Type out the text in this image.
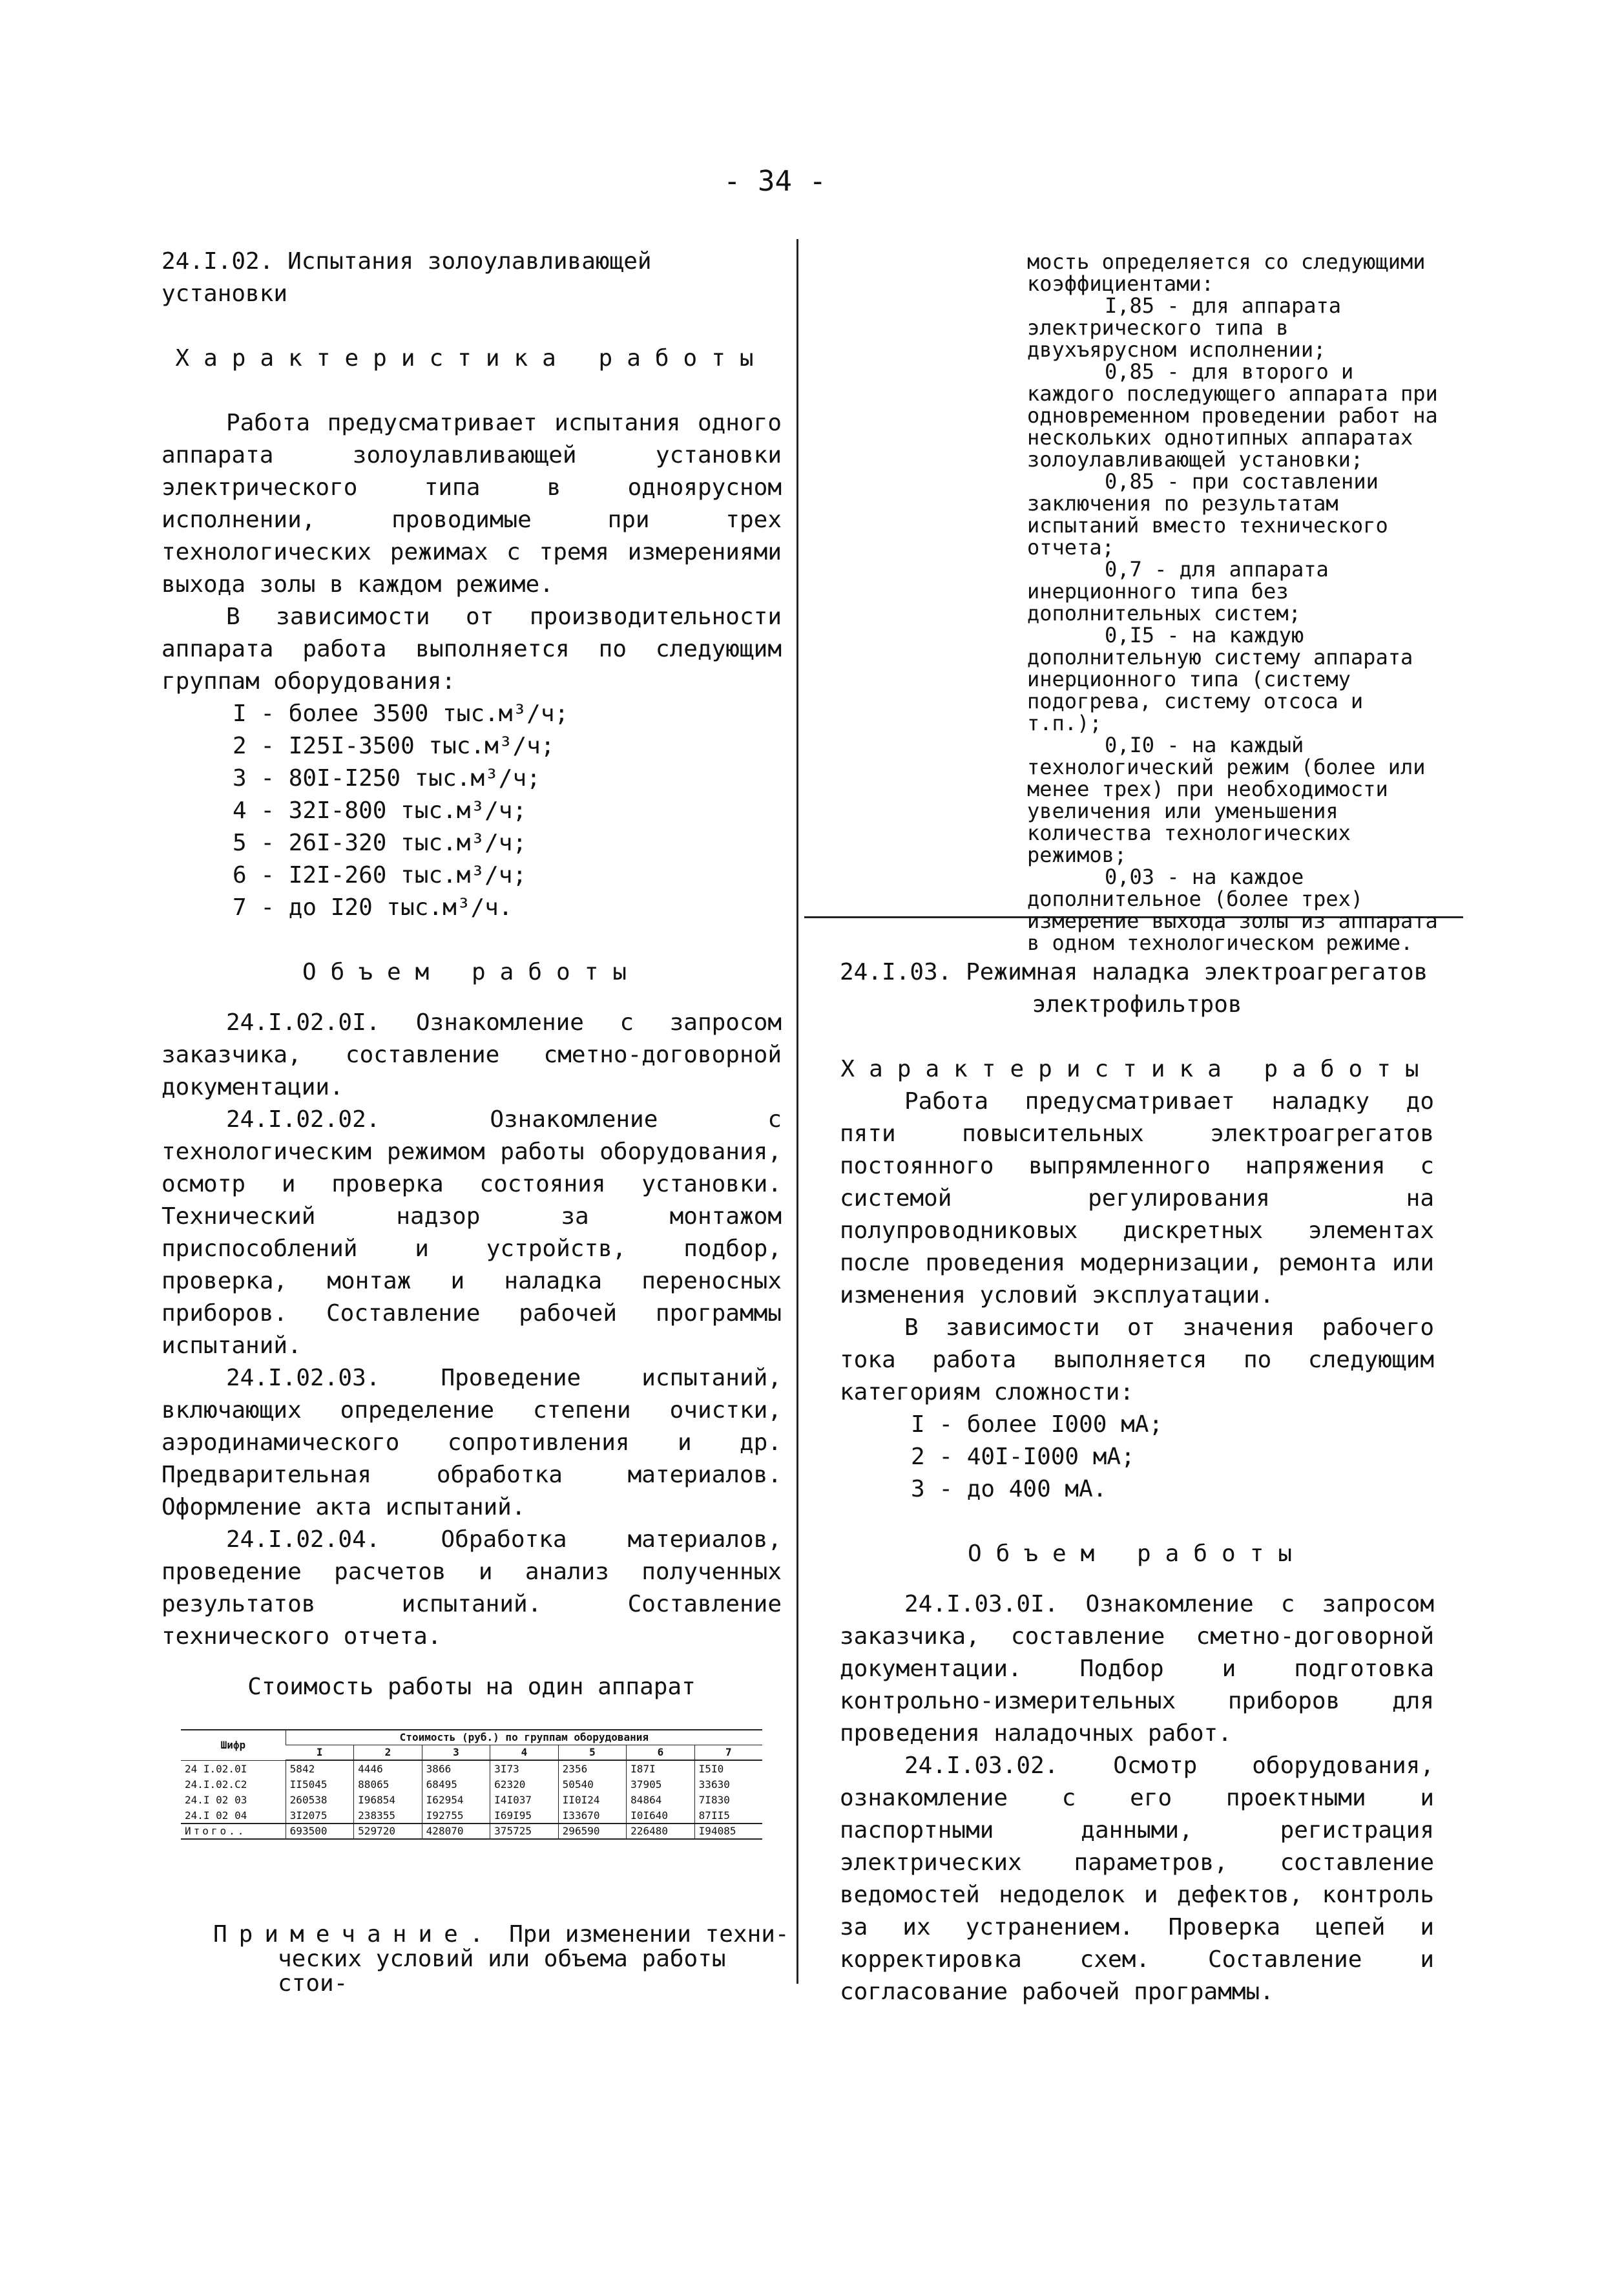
- 34 -

24.I.02. Испытания золоулавливающей установки

Характеристика работы

Работа предусматривает испытания одного аппарата золоулавливающей установки электрического типа в одноярусном исполнении, проводимые при трех технологических режимах с тремя измерениями выхода золы в каждом режиме.

В зависимости от производительности аппарата работа выполняется по следующим группам оборудования:

I - более 3500 тыс.м³/ч;

2 - I25I-3500 тыс.м³/ч;

3 - 80I-I250 тыс.м³/ч;

4 - 32I-800 тыс.м³/ч;

5 - 26I-320 тыс.м³/ч;

6 - I2I-260 тыс.м³/ч;

7 - до I20 тыс.м³/ч.

Объем работы

24.I.02.0I. Ознакомление с запросом заказчика, составление сметно-договорной документации.

24.I.02.02. Ознакомление с технологическим режимом работы оборудования, осмотр и проверка состояния установки. Технический надзор за монтажом приспособлений и устройств, подбор, проверка, монтаж и наладка переносных приборов. Составление рабочей программы испытаний.

24.I.02.03. Проведение испытаний, включающих определение степени очистки, аэродинамического сопротивления и др. Предварительная обработка материалов. Оформление акта испытаний.

24.I.02.04. Обработка материалов, проведение расчетов и анализ полученных результатов испытаний. Составление технического отчета.

Стоимость работы на один аппарат

Шифр	Стоимость (руб.) по группам оборудования						
	I	2	3	4	5	6	7
24 I.02.0I	5842	4446	3866	3I73	2356	I87I	I5I0
24.I.02.C2	II5045	88065	68495	62320	50540	37905	33630
24.I 02 03	260538	I96854	I62954	I4I037	II0I24	84864	7I830
24.I 02 04	3I2075	238355	I92755	I69I95	I33670	I0I640	87II5
Итого..	693500	529720	428070	375725	296590	226480	I94085

Примечание. При изменении техни-

ческих условий или объема работы стои-

мость определяется со следующими коэффициентами:

I,85 - для аппарата электрического типа в двухъярусном исполнении;

0,85 - для второго и каждого последующего аппарата при одновременном проведении работ на нескольких однотипных аппаратах золоулавливающей установки;

0,85 - при составлении заключения по результатам испытаний вместо технического отчета;

0,7 - для аппарата инерционного типа без дополнительных систем;

0,I5 - на каждую дополнительную систему аппарата инерционного типа (систему подогрева, систему отсоса и т.п.);

0,I0 - на каждый технологический режим (более или менее трех) при необходимости увеличения или уменьшения количества технологических режимов;

0,03 - на каждое дополнительное (более трех) измерение выхода золы из аппарата в одном технологическом режиме.

24.I.03. Режимная наладка электроагрегатов

электрофильтров

Характеристика работы

Работа предусматривает наладку до пяти повысительных электроагрегатов постоянного выпрямленного напряжения с системой регулирования на полупроводниковых дискретных элементах после проведения модернизации, ремонта или изменения условий эксплуатации.

В зависимости от значения рабочего тока работа выполняется по следующим категориям сложности:

I - более I000 мА;

2 - 40I-I000 мА;

3 - до 400 мА.

Объем работы

24.I.03.0I. Ознакомление с запросом заказчика, составление сметно-договорной документации. Подбор и подготовка контрольно-измерительных приборов для проведения наладочных работ.

24.I.03.02. Осмотр оборудования, ознакомление с его проектными и паспортными данными, регистрация электрических параметров, составление ведомостей недоделок и дефектов, контроль за их устранением. Проверка цепей и корректировка схем. Составление и согласование рабочей программы.
